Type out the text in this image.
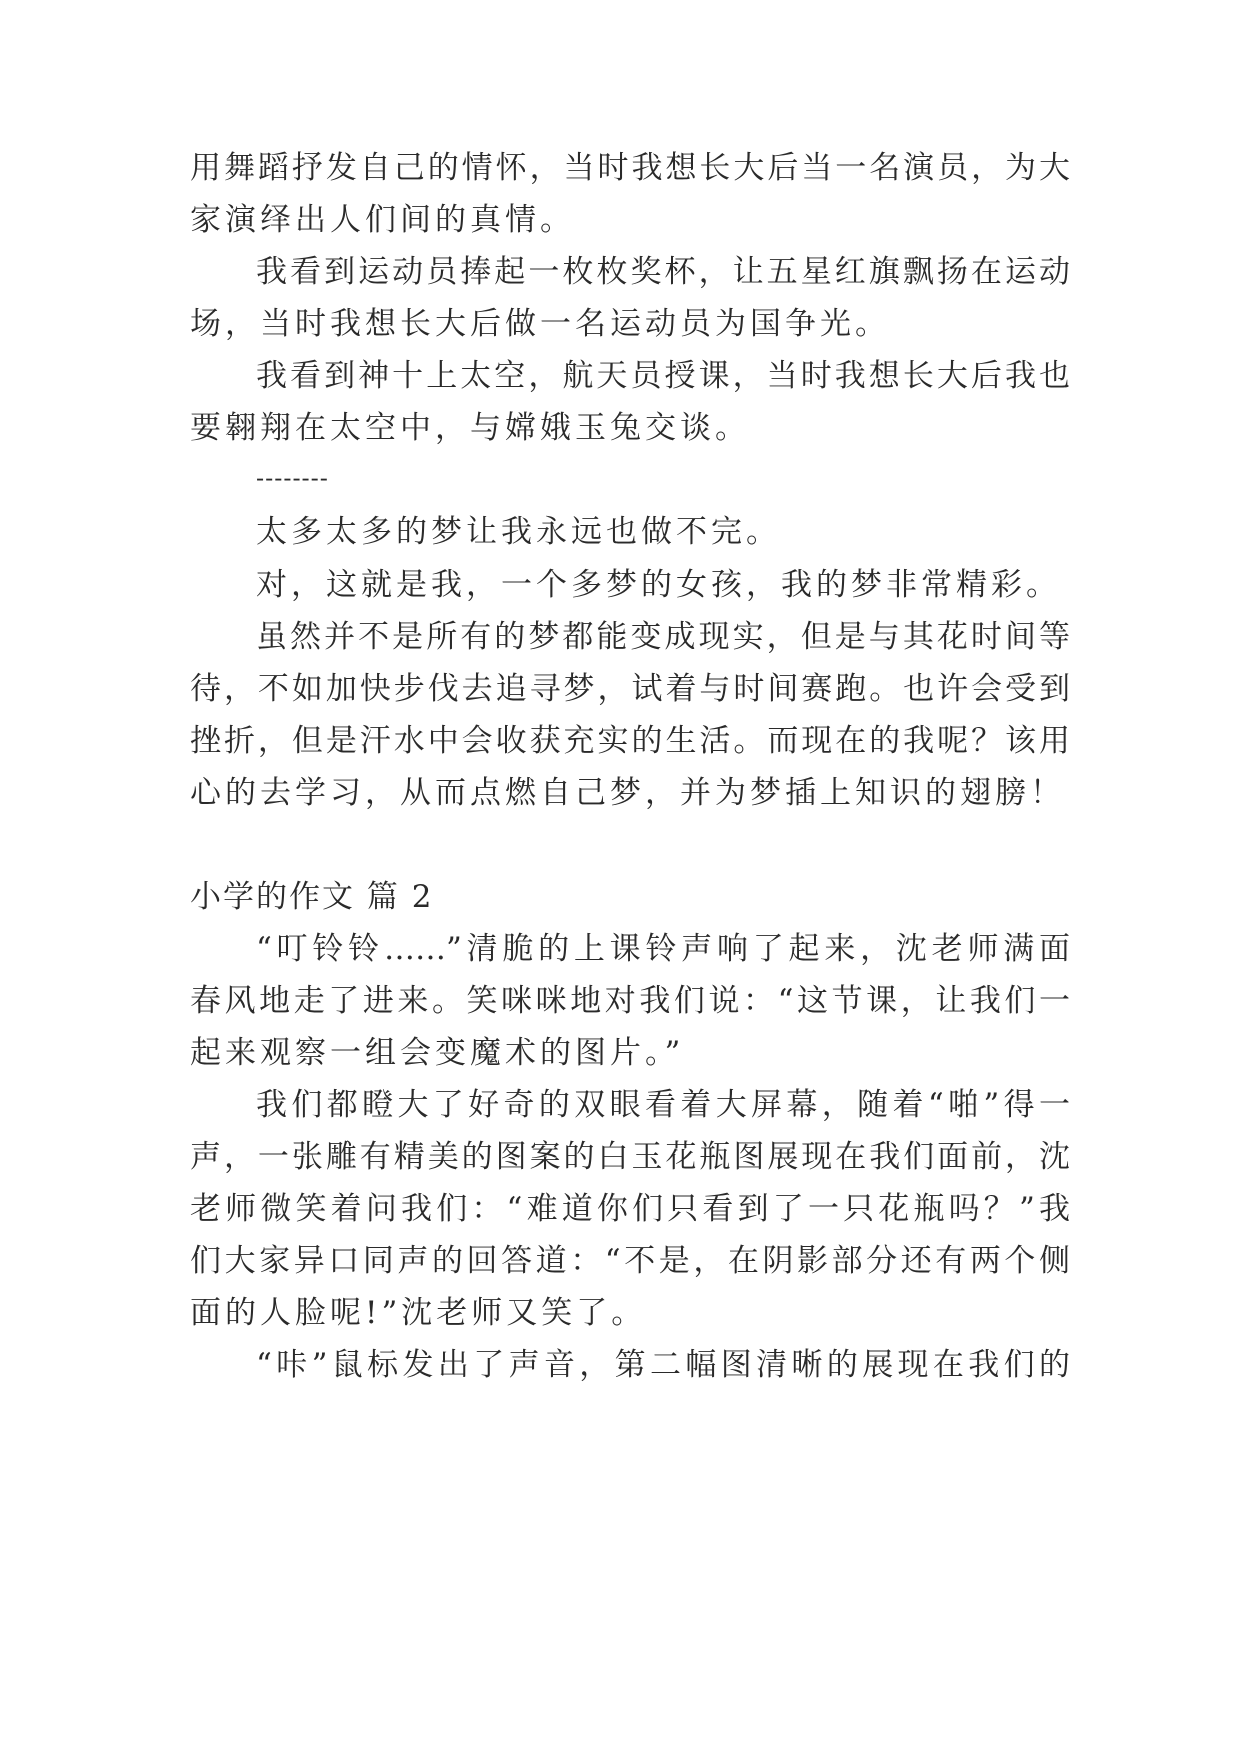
用舞蹈抒发自己的情怀，当时我想长大后当一名演员，为大
家演绎出人们间的真情。
我看到运动员捧起一枚枚奖杯，让五星红旗飘扬在运动
场，当时我想长大后做一名运动员为国争光。
我看到神十上太空，航天员授课，当时我想长大后我也
要翱翔在太空中，与嫦娥玉兔交谈。
--------
太多太多的梦让我永远也做不完。
对，这就是我，一个多梦的女孩，我的梦非常精彩。
虽然并不是所有的梦都能变成现实，但是与其花时间等
待，不如加快步伐去追寻梦，试着与时间赛跑。也许会受到
挫折，但是汗水中会收获充实的生活。而现在的我呢？该用
心的去学习，从而点燃自己梦，并为梦插上知识的翅膀！
小学的作文 篇 2
“叮铃铃……”清脆的上课铃声响了起来，沈老师满面
春风地走了进来。笑咪咪地对我们说：“这节课，让我们一
起来观察一组会变魔术的图片。”
我们都瞪大了好奇的双眼看着大屏幕，随着“啪”得一
声，一张雕有精美的图案的白玉花瓶图展现在我们面前，沈
老师微笑着问我们：“难道你们只看到了一只花瓶吗？”我
们大家异口同声的回答道：“不是，在阴影部分还有两个侧
面的人脸呢!”沈老师又笑了。
“咔”鼠标发出了声音，第二幅图清晰的展现在我们的
